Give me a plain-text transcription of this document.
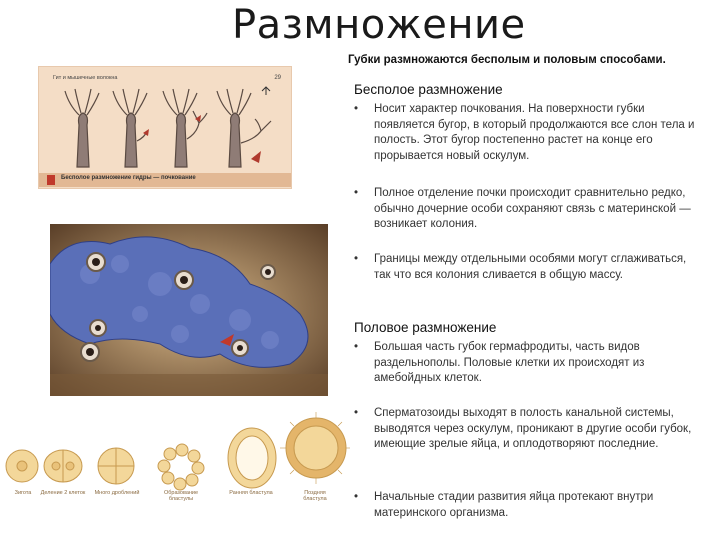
Размножение
Губки размножаются бесполым и половым способами.
Бесполое размножение
•	Носит характер почкования. На поверхности губки появляется бугор, в который продолжаются все слон тела и полость. Этот бугор постепенно растет на конце его прорывается новый оскулум.
•	Полное отделение почки происходит сравнительно редко, обычно дочерние особи сохраняют связь с материнской — возникает колония.
•	Границы между отдельными особями могут сглаживаться, так что вся колония сливается в общую массу.
Половое размножение
•	Большая часть губок гермафродиты, часть видов раздельнополы. Половые клетки их происходят из амебойдных клеток.
•	Сперматозоиды выходят в полость канальной системы, выводятся через оскулум, проникают в другие особи губок, имеющие зрелые яйца, и оплодотворяют последние.
•	Начальные стадии развития яйца протекают внутри материнского организма.
Гит и мышечные волокна	29
Бесполое размножение гидры — почкование
Зигота	Деление 2 клеток Много дроблений	Образование бластулы
Ранняя бластула	Поздняя бластула
